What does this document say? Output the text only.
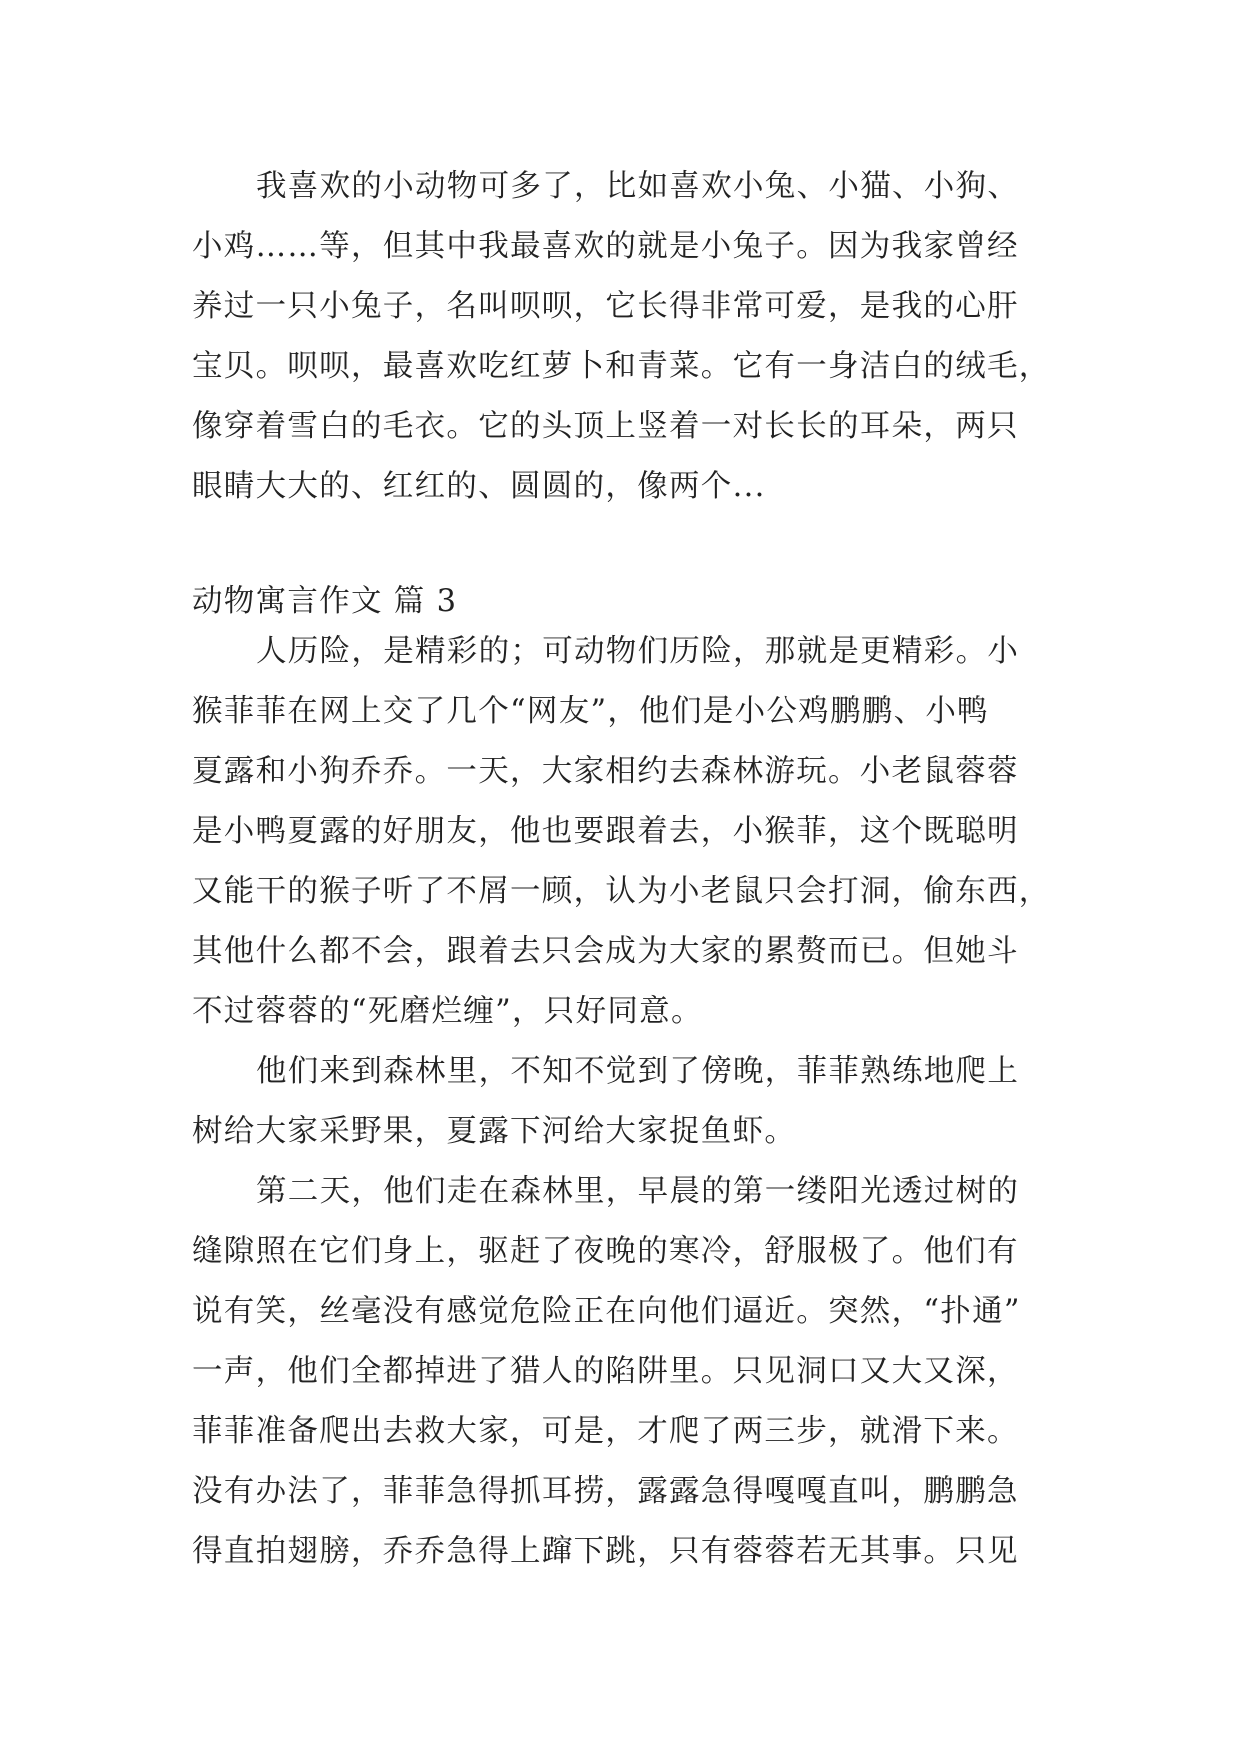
我喜欢的小动物可多了，比如喜欢小兔、小猫、小狗、
小鸡……等，但其中我最喜欢的就是小兔子。因为我家曾经
养过一只小兔子，名叫呗呗，它长得非常可爱，是我的心肝
宝贝。呗呗，最喜欢吃红萝卜和青菜。它有一身洁白的绒毛，
像穿着雪白的毛衣。它的头顶上竖着一对长长的耳朵，两只
眼睛大大的、红红的、圆圆的，像两个...
动物寓言作文 篇 3
人历险，是精彩的；可动物们历险，那就是更精彩。小
猴菲菲在网上交了几个“网友”，他们是小公鸡鹏鹏、小鸭
夏露和小狗乔乔。一天，大家相约去森林游玩。小老鼠蓉蓉
是小鸭夏露的好朋友，他也要跟着去，小猴菲，这个既聪明
又能干的猴子听了不屑一顾，认为小老鼠只会打洞，偷东西，
其他什么都不会，跟着去只会成为大家的累赘而已。但她斗
不过蓉蓉的“死磨烂缠”，只好同意。
他们来到森林里，不知不觉到了傍晚，菲菲熟练地爬上
树给大家采野果，夏露下河给大家捉鱼虾。
第二天，他们走在森林里，早晨的第一缕阳光透过树的
缝隙照在它们身上，驱赶了夜晚的寒冷，舒服极了。他们有
说有笑，丝毫没有感觉危险正在向他们逼近。突然，“扑通”
一声，他们全都掉进了猎人的陷阱里。只见洞口又大又深，
菲菲准备爬出去救大家，可是，才爬了两三步，就滑下来。
没有办法了，菲菲急得抓耳捞，露露急得嘎嘎直叫，鹏鹏急
得直拍翅膀，乔乔急得上蹿下跳，只有蓉蓉若无其事。只见
